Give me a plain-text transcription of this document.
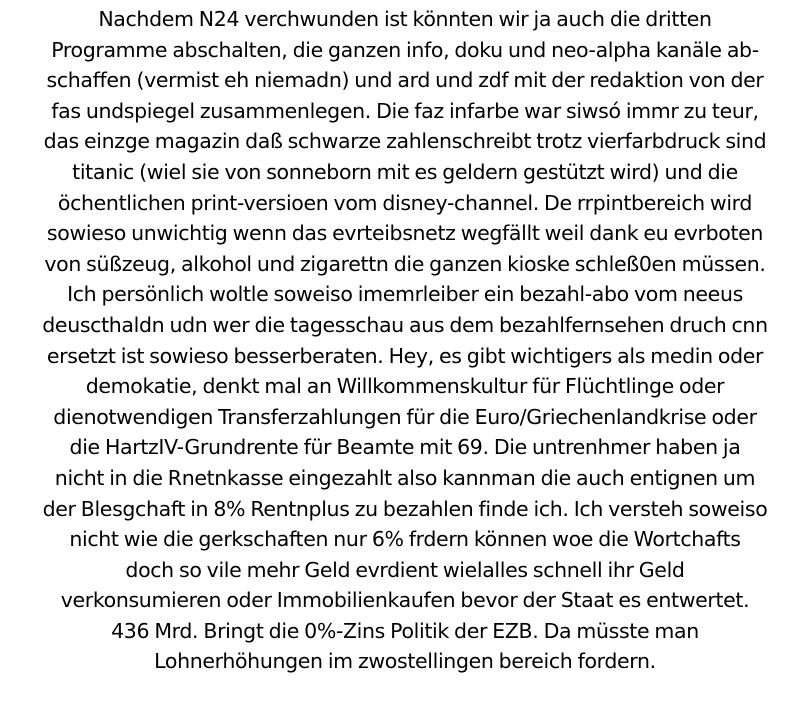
Nachdem N24 verchwunden ist könnten wir ja auch die dritten
Programme abschalten, die ganzen info, doku und neo-alpha kanäle ab-
schaffen (vermist eh niemadn) und ard und zdf mit der redaktion von der
fas undspiegel zusammenlegen. Die faz infarbe war siwsó immr zu teur,
das einzge magazin daß schwarze zahlenschreibt trotz vierfarbdruck sind
titanic (wiel sie von sonneborn mit es geldern gestützt wird) und die
öchentlichen print-versioen vom disney-channel. De rrpintbereich wird
sowieso unwichtig wenn das evrteibsnetz wegfällt weil dank eu evrboten
von süßzeug, alkohol und zigarettn die ganzen kioske schleß0en müssen.
Ich persönlich woltle soweiso imemrleiber ein bezahl-abo vom neeus
deuscthaldn udn wer die tagesschau aus dem bezahlfernsehen druch cnn
ersetzt ist sowieso besserberaten. Hey, es gibt wichtigers als medin oder
demokatie, denkt mal an Willkommenskultur für Flüchtlinge oder
dienotwendigen Transferzahlungen für die Euro/Griechenlandkrise oder
die HartzIV-Grundrente für Beamte mit 69. Die untrenhmer haben ja
nicht in die Rnetnkasse eingezahlt also kannman die auch entignen um
der Blesgchaft in 8% Rentnplus zu bezahlen finde ich. Ich versteh soweiso
nicht wie die gerkschaften nur 6% frdern können woe die Wortchafts
doch so vile mehr Geld evrdient wielalles schnell ihr Geld
verkonsumieren oder Immobilienkaufen bevor der Staat es entwertet.
436 Mrd. Bringt die 0%-Zins Politik der EZB. Da müsste man
Lohnerhöhungen im zwostellingen bereich fordern.
